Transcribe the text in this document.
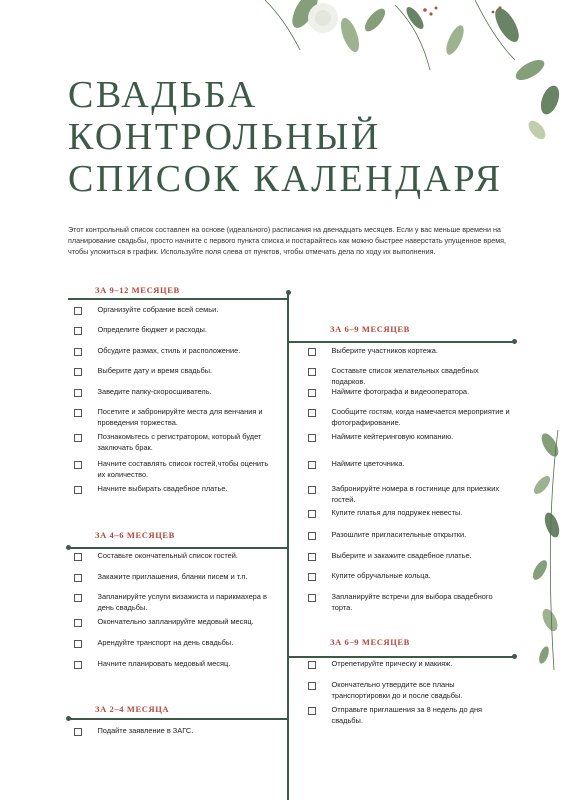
СВАДЬБА
КОНТРОЛЬНЫЙ
СПИСОК КАЛЕНДАРЯ

Этот контрольный список составлен на основе (идеального) расписания на двенадцать месяцев. Если у вас меньше времени на планирование свадьбы, просто начните с первого пункта списка и постарайтесь как можно быстрее наверстать упущенное время, чтобы уложиться в график. Используйте поля слева от пунктов, чтобы отмечать дела по ходу их выполнения.

ЗА 9–12 МЕСЯЦЕВ
ЗА 4–6 МЕСЯЦЕВ
ЗА 2–4 МЕСЯЦА
ЗА 6–9 МЕСЯЦЕВ
ЗА 6–9 МЕСЯЦЕВ
Организуйте собрание всей семьи.
Определите бюджет и расходы.
Обсудите размах, стиль и расположение.
Выберите дату и время свадьбы.
Заведите папку-скоросшиватель.
Посетите и забронируйте места для венчания и проведения торжества.
Познакомьтесь с регистратором, который будет заключать брак.
Начните составлять список гостей,чтобы оценить их количество.
Начните выбирать свадебное платье.
Составьте окончательный список гостей.
Закажите приглашения, бланки писем и т.п.
Запланируйте услуги визажиста и парикмахера в день свадьбы.
Окончательно запланируйте медовый месяц.
Арендуйте транспорт на день свадьбы.
Начните планировать медовый месяц.
Подайте заявление в ЗАГС.
Выберите участников кортежа.
Составьте список желательных свадебных подарков.
Наймите фотографа и видеооператора.
Сообщите гостям, когда намечается мероприятие и фотографирование.
Наймите кейтеринговую компанию.
Наймите цветочника.
Забронируйте номера в гостинице для приезжих гостей.
Купите платья для подружек невесты.
Разошлите пригласительные открытки.
Выберите и закажите свадебное платье.
Купите обручальные кольца.
Запланируйте встречи для выбора свадебного торта.
Отрепетируйте прическу и макияж.
Окончательно утвердите все планы транспортировки до и после свадьбы.
Отправьте приглашения за 8 недель до дня свадьбы.
